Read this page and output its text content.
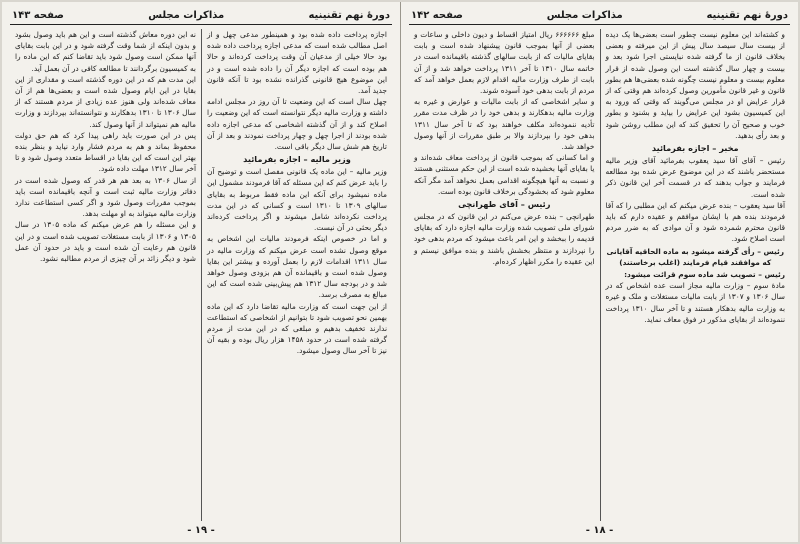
دورهٔ نهم تقنینیه
مذاکرات مجلس
صفحه ۱۴۲

و کشته‌اند این معلوم نیست چطور است بعضی‌ها یک دیده از بیست سال سیصد سال پیش از این میرفته و بعضی بخلاف قانون از ما گرفته شده نبایستی اجرا شود بعد و بیست و چهار سال گذشته است این وصول شده از قرار معلوم بیست و معلوم نیست چگونه شده بعضی‌ها هم بطور قانون و غیر قانون مأمورین وصول کرده‌اند هم وقتی که از قرار عرایض او در مجلس می‌گویند که وقتی که ورود به این کمیسیون بشود این عرایض را بیاید و بشنود و بطور خوب و صحیح آن را تحقیق کند که این مطلب روشن شود و بعد رأی بدهید.

مخبر – اجازه بفرمائید

رئیس – آقای آقا سید یعقوب بفرمائید آقای وزیر مالیه مستحضر باشند که در این موضوع عرض شده بود مطالعه فرمایند و جواب بدهند که در قسمت آخر این قانون ذکر شده است.

آقا سید یعقوب – بنده عرض میکنم که این مطلبی را که آقا فرمودند بنده هم با ایشان موافقم و عقیده دارم که باید قانون محترم شمرده شود و آن موادی که به ضرر مردم است اصلاح شود.

رئیس – رأی گرفته میشود به ماده الحاقیه آقایانی که موافقند قیام فرمایند (اغلب برخاستند)

رئیس – تصویب شد ماده سوم قرائت میشود:

مادهٔ سوم – وزارت مالیه مجاز است عده اشخاص که در سال ۱۳۰۶ و ۱۳۰۷ از بابت مالیات مستغلات و ملک و غیره به وزارت مالیه بدهکار هستند و تا آخر سال ۱۳۱۰ پرداخت ننموده‌اند از بقایای مذکور در فوق معاف نماید.

مبلغ ۶۶۶۶۶۶ ریال امتیاز اقساط و دیون داخلی و ساعات و بعضی از آنها بموجب قانون پیشنهاد شده است و بابت بقایای مالیات که از بابت سالهای گذشته باقیمانده است در خاتمه سال ۱۳۱۰ تا آخر ۱۳۱۱ پرداخت خواهد شد و از آن بابت از طرف وزارت مالیه اقدام لازم بعمل خواهد آمد که مردم از بابت بدهی خود آسوده شوند.

و سایر اشخاصی که از بابت مالیات و عوارض و غیره به وزارت مالیه بدهکارند و بدهی خود را در ظرف مدت مقرر تأدیه ننموده‌اند مکلف خواهند بود که تا آخر سال ۱۳۱۱ بدهی خود را بپردازند والا بر طبق مقررات از آنها وصول خواهد شد.

و اما کسانی که بموجب قانون از پرداخت معاف شده‌اند و یا بقایای آنها بخشیده شده است از این حکم مستثنی هستند و نسبت به آنها هیچگونه اقدامی بعمل نخواهد آمد مگر آنکه معلوم شود که بخشودگی برخلاف قانون بوده است.

رئیس – آقای طهرانچی

طهرانچی – بنده عرض می‌کنم در این قانون که در مجلس شورای ملی تصویب شده وزارت مالیه اجازه دارد که بقایای قدیمه را ببخشد و این امر باعث میشود که مردم بدهی خود را نپردازند و منتظر بخشش باشند و بنده موافق نیستم و این عقیده را مکرر اظهار کرده‌ام.

- ۱۸ -
دورهٔ نهم تقنینیه
مذاکرات مجلس
صفحه ۱۴۳

اجازه پرداخت داده شده بود و همینطور مدعی چهل و از اصل مطالب شده است که مدعی اجازه پرداخت داده شده بود حالا خیلی از مدعیان آن وقت پرداخت کرده‌اند و حالا هم بوده است که اجازه دیگر آن را داده شده است و در این موضوع هیچ قانونی گذرانده نشده بود تا آنکه قانون جدید آمد.

چهل سال است که این وضعیت تا آن روز در مجلس ادامه داشته و وزارت مالیه دیگر نتوانسته است که این وضعیت را اصلاح کند و از آن گذشته اشخاصی که مدعی اجازه داده شده بودند از اجرا چهل و چهار پرداخت نمودند و بعد از آن تاریخ هم شش سال دیگر باقی است.

وزیر مالیه – اجازه بفرمائید

وزیر مالیه – این ماده یک قانونی مفصل است و توضیح آن را باید عرض کنم که این مسئله که آقا فرمودند مشمول این ماده نمیشود برای آنکه این ماده فقط مربوط به بقایای سالهای ۱۳۰۹ تا ۱۳۱۰ است و کسانی که در این مدت پرداخت نکرده‌اند شامل میشوند و اگر پرداخت کرده‌اند دیگر بحثی در آن نیست.

و اما در خصوص اینکه فرمودند مالیات این اشخاص به موقع وصول نشده است عرض میکنم که وزارت مالیه در سال ۱۳۱۱ اقدامات لازم را بعمل آورده و بیشتر این بقایا وصول شده است و باقیمانده آن هم بزودی وصول خواهد شد و در بودجه سال ۱۳۱۲ هم پیش‌بینی شده است که این مبالغ به مصرف برسد.

از این جهت است که وزارت مالیه تقاضا دارد که این ماده بهمین نحو تصویب شود تا بتوانیم از اشخاصی که استطاعت ندارند تخفیف بدهیم و مبلغی که در این مدت از مردم گرفته شده است در حدود ۱۴۵۸ هزار ریال بوده و بقیه آن نیز تا آخر سال وصول میشود.

نه این دوره معاش گذشته است و این هم باید وصول بشود و بدون اینکه از شما وقت گرفته شود و در این بابت بقایای آنها ممکن است وصول شود باید تقاضا کنم که این ماده را به کمیسیون برگردانند تا مطالعه کافی در آن بعمل آید.

این مدت هم که در این دوره گذشته است و مقداری از این بقایا در این ایام وصول شده است و بعضی‌ها هم از آن معاف شده‌اند ولی هنوز عده زیادی از مردم هستند که از سال ۱۳۰۶ تا ۱۳۱۰ بدهکارند و نتوانسته‌اند بپردازند و وزارت مالیه هم نمیتواند از آنها وصول کند.

پس در این صورت باید راهی پیدا کرد که هم حق دولت محفوظ بماند و هم به مردم فشار وارد نیاید و بنظر بنده بهتر این است که این بقایا در اقساط متعدد وصول شود و تا آخر سال ۱۳۱۲ مهلت داده شود.

از سال ۱۳۰۶ به بعد هم هر قدر که وصول شده است در دفاتر وزارت مالیه ثبت است و آنچه باقیمانده است باید بموجب مقررات وصول شود و اگر کسی استطاعت ندارد وزارت مالیه میتواند به او مهلت بدهد.

و این مسئله را هم عرض میکنم که ماده ۱۳۰۵ در سال ۱۳۰۵ و ۱۳۰۶ از بابت مستغلات تصویب شده است و در این قانون هم رعایت آن شده است و باید در حدود آن عمل شود و دیگر زائد بر آن چیزی از مردم مطالبه نشود.

- ۱۹ -
